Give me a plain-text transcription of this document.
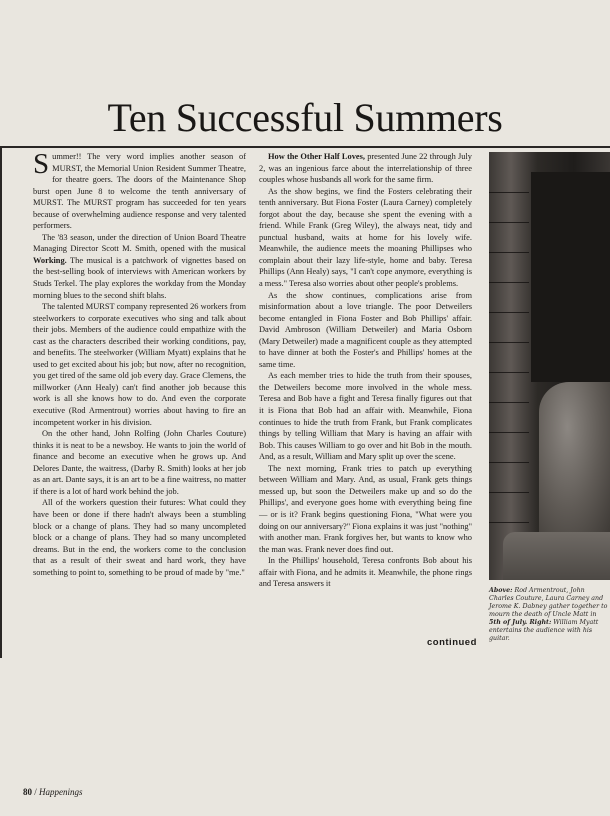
Ten Successful Summers

Summer!! The very word implies another season of MURST, the Memorial Union Resident Summer Theatre, for theatre goers. The doors of the Maintenance Shop burst open June 8 to welcome the tenth anniversary of MURST. The MURST program has succeeded for ten years because of overwhelming audience response and very talented performers.

The '83 season, under the direction of Union Board Theatre Managing Director Scott M. Smith, opened with the musical Working. The musical is a patchwork of vignettes based on the best-selling book of interviews with American workers by Studs Terkel. The play explores the workday from the Monday morning blues to the second shift blahs.

The talented MURST company represented 26 workers from steelworkers to corporate executives who sing and talk about their jobs. Members of the audience could empathize with the cast as the characters described their working conditions, pay, and benefits. The steelworker (William Myatt) explains that he used to get excited about his job; but now, after no recognition, you get tired of the same old job every day. Grace Clemens, the millworker (Ann Healy) can't find another job because this work is all she knows how to do. And even the corporate executive (Rod Armentrout) worries about having to fire an incompetent worker in his division.

On the other hand, John Rolfing (John Charles Couture) thinks it is neat to be a newsboy. He wants to join the world of finance and become an executive when he grows up. And Delores Dante, the waitress, (Darby R. Smith) looks at her job as an art. Dante says, it is an art to be a fine waitress, no matter if there is a lot of hard work behind the job.

All of the workers question their futures: What could they have been or done if there hadn't always been a stumbling block or a change of plans. They had so many uncompleted block or a change of plans. They had so many uncompleted dreams. But in the end, the workers come to the conclusion that as a result of their sweat and hard work, they have something to point to, something to be proud of made by "me."

How the Other Half Loves, presented June 22 through July 2, was an ingenious farce about the interrelationship of three couples whose husbands all work for the same firm.

As the show begins, we find the Fosters celebrating their tenth anniversary. But Fiona Foster (Laura Carney) completely forgot about the day, because she spent the evening with a friend. While Frank (Greg Wiley), the always neat, tidy and punctual husband, waits at home for his lovely wife. Meanwhile, the audience meets the moaning Phillipses who complain about their lazy life-style, home and baby. Teresa Phillips (Ann Healy) says, "I can't cope anymore, everything is a mess." Teresa also worries about other people's problems.

As the show continues, complications arise from misinformation about a love triangle. The poor Detweilers become entangled in Fiona Foster and Bob Phillips' affair. David Ambroson (William Detweiler) and Maria Osborn (Mary Detweiler) made a magnificent couple as they attempted to have dinner at both the Foster's and Phillips' homes at the same time.

As each member tries to hide the truth from their spouses, the Detweilers become more involved in the whole mess. Teresa and Bob have a fight and Teresa finally figures out that it is Fiona that Bob had an affair with. Meanwhile, Fiona continues to hide the truth from Frank, but Frank complicates things by telling William that Mary is having an affair with Bob. This causes William to go over and hit Bob in the mouth. And, as a result, William and Mary split up over the scene.

The next morning, Frank tries to patch up everything between William and Mary. And, as usual, Frank gets things messed up, but soon the Detweilers make up and so do the Phillips', and everyone goes home with everything being fine — or is it? Frank begins questioning Fiona, "What were you doing on our anniversary?" Fiona explains it was just "nothing" with another man. Frank forgives her, but wants to know who the man was. Frank never does find out.

In the Phillips' household, Teresa confronts Bob about his affair with Fiona, and he admits it. Meanwhile, the phone rings and Teresa answers it

continued
Above: Rod Armentrout, John Charles Couture, Laura Carney and Jerome K. Dabney gather together to mourn the death of Uncle Matt in 5th of July. Right: William Myatt entertains the audience with his guitar.
80 / Happenings
